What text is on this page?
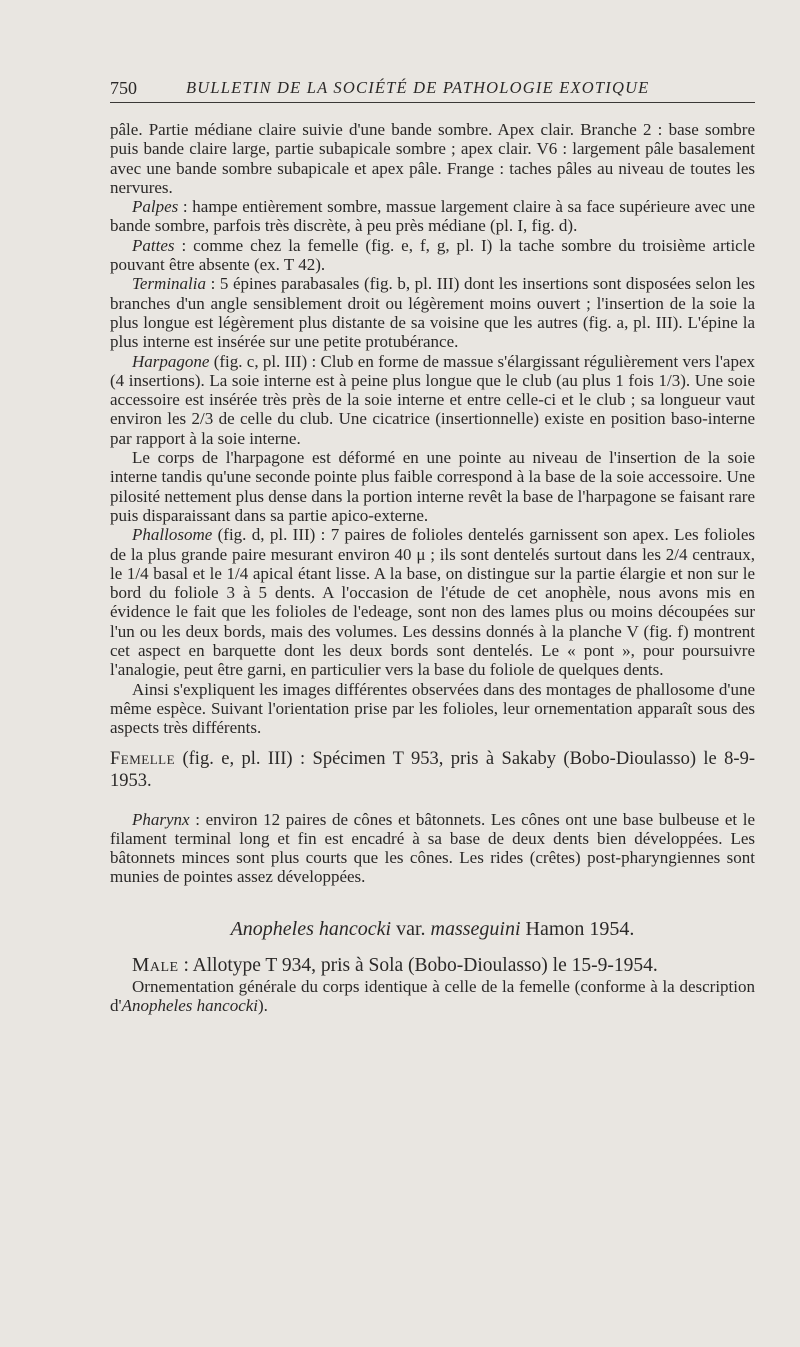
750	BULLETIN DE LA SOCIÉTÉ DE PATHOLOGIE EXOTIQUE

pâle. Partie médiane claire suivie d'une bande sombre. Apex clair. Branche 2 : base sombre puis bande claire large, partie subapicale sombre ; apex clair. V6 : largement pâle basalement avec une bande sombre subapicale et apex pâle. Frange : taches pâles au niveau de toutes les nervures.

Palpes : hampe entièrement sombre, massue largement claire à sa face supérieure avec une bande sombre, parfois très discrète, à peu près médiane (pl. I, fig. d).

Pattes : comme chez la femelle (fig. e, f, g, pl. I) la tache sombre du troisième article pouvant être absente (ex. T 42).

Terminalia : 5 épines parabasales (fig. b, pl. III) dont les insertions sont disposées selon les branches d'un angle sensiblement droit ou légèrement moins ouvert ; l'insertion de la soie la plus longue est légèrement plus distante de sa voisine que les autres (fig. a, pl. III). L'épine la plus interne est insérée sur une petite protubérance.

Harpagone (fig. c, pl. III) : Club en forme de massue s'élargissant régulièrement vers l'apex (4 insertions). La soie interne est à peine plus longue que le club (au plus 1 fois 1/3). Une soie accessoire est insérée très près de la soie interne et entre celle-ci et le club ; sa longueur vaut environ les 2/3 de celle du club. Une cicatrice (insertionnelle) existe en position baso-interne par rapport à la soie interne.

Le corps de l'harpagone est déformé en une pointe au niveau de l'insertion de la soie interne tandis qu'une seconde pointe plus faible correspond à la base de la soie accessoire. Une pilosité nettement plus dense dans la portion interne revêt la base de l'harpagone se faisant rare puis disparaissant dans sa partie apico-externe.

Phallosome (fig. d, pl. III) : 7 paires de folioles dentelés garnissent son apex. Les folioles de la plus grande paire mesurant environ 40 μ ; ils sont dentelés surtout dans les 2/4 centraux, le 1/4 basal et le 1/4 apical étant lisse. A la base, on distingue sur la partie élargie et non sur le bord du foliole 3 à 5 dents. A l'occasion de l'étude de cet anophèle, nous avons mis en évidence le fait que les folioles de l'edeage, sont non des lames plus ou moins découpées sur l'un ou les deux bords, mais des volumes. Les dessins donnés à la planche V (fig. f) montrent cet aspect en barquette dont les deux bords sont dentelés. Le « pont », pour poursuivre l'analogie, peut être garni, en particulier vers la base du foliole de quelques dents.

Ainsi s'expliquent les images différentes observées dans des montages de phallosome d'une même espèce. Suivant l'orientation prise par les folioles, leur ornementation apparaît sous des aspects très différents.

Femelle (fig. e, pl. III) : Spécimen T 953, pris à Sakaby (Bobo-Dioulasso) le 8-9-1953.

Pharynx : environ 12 paires de cônes et bâtonnets. Les cônes ont une base bulbeuse et le filament terminal long et fin est encadré à sa base de deux dents bien développées. Les bâtonnets minces sont plus courts que les cônes. Les rides (crêtes) post-pharyngiennes sont munies de pointes assez développées.

Anopheles hancocki var. masseguini Hamon 1954.

Male : Allotype T 934, pris à Sola (Bobo-Dioulasso) le 15-9-1954.

Ornementation générale du corps identique à celle de la femelle (conforme à la description d'Anopheles hancocki).
